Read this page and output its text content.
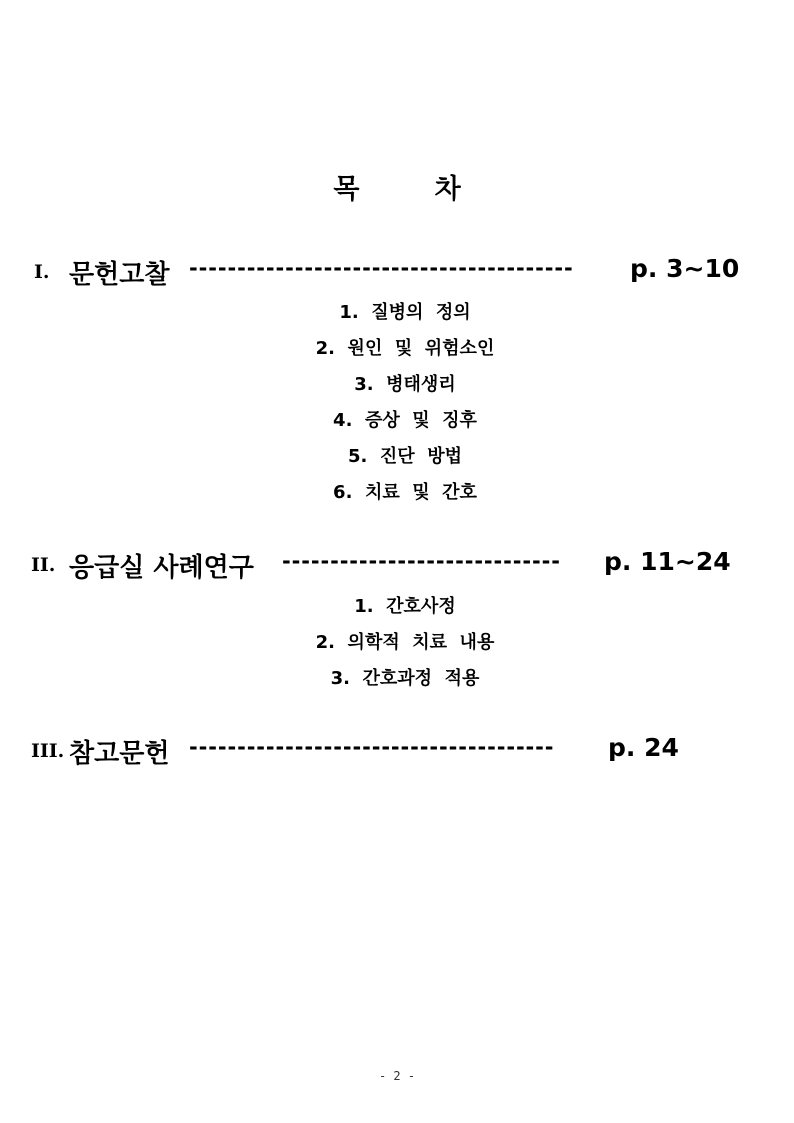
목        차
I. 문헌고찰 ---------------------------------------- p. 3~10
1.  질병의  정의
2.  원인  및  위험소인
3.  병태생리
4.  증상  및  징후
5.  진단  방법
6.  치료  및  간호
II. 응급실 사례연구 ----------------------------- p. 11~24
1.  간호사정
2.  의학적  치료  내용
3.  간호과정  적용
III. 참고문헌 -------------------------------------- p. 24
- 2 -
